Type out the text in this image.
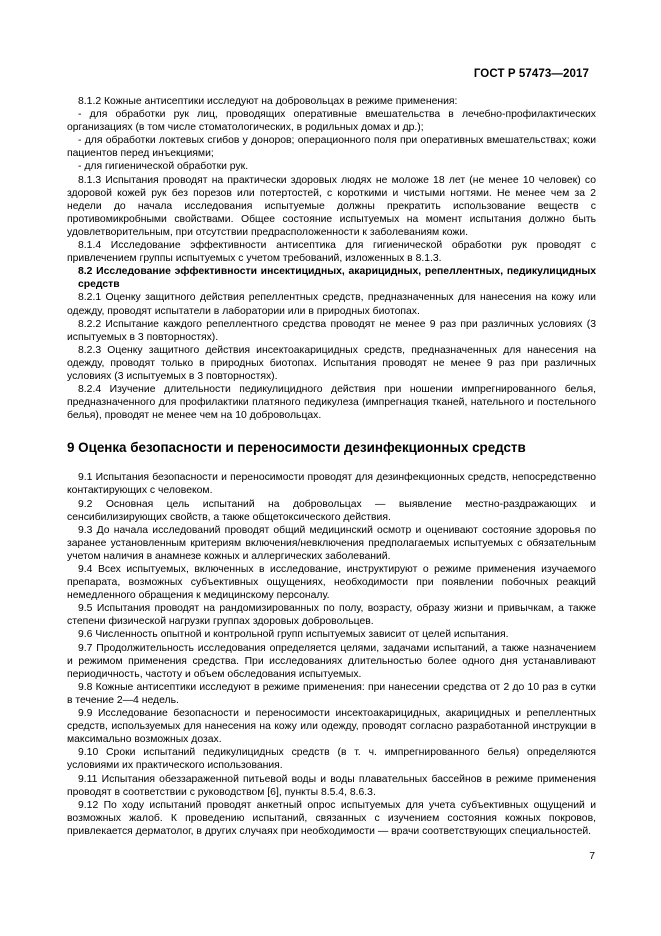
ГОСТ Р 57473—2017

8.1.2 Кожные антисептики исследуют на добровольцах в режиме применения:

- для обработки рук лиц, проводящих оперативные вмешательства в лечебно-профилактических организациях (в том числе стоматологических, в родильных домах и др.);

- для обработки локтевых сгибов у доноров; операционного поля при оперативных вмешательствах; кожи пациентов перед инъекциями;

- для гигиенической обработки рук.

8.1.3 Испытания проводят на практически здоровых людях не моложе 18 лет (не менее 10 человек) со здоровой кожей рук без порезов или потертостей, с короткими и чистыми ногтями. Не менее чем за 2 недели до начала исследования испытуемые должны прекратить использование веществ с противомикробными свойствами. Общее состояние испытуемых на момент испытания должно быть удовлетворительным, при отсутствии предрасположенности к заболеваниям кожи.

8.1.4 Исследование эффективности антисептика для гигиенической обработки рук проводят с привлечением группы испытуемых с учетом требований, изложенных в 8.1.3.

8.2 Исследование эффективности инсектицидных, акарицидных, репеллентных, педикулицидных средств

8.2.1 Оценку защитного действия репеллентных средств, предназначенных для нанесения на кожу или одежду, проводят испытатели в лаборатории или в природных биотопах.

8.2.2 Испытание каждого репеллентного средства проводят не менее 9 раз при различных условиях (3 испытуемых в 3 повторностях).

8.2.3 Оценку защитного действия инсектоакарицидных средств, предназначенных для нанесения на одежду, проводят только в природных биотопах. Испытания проводят не менее 9 раз при различных условиях (3 испытуемых в 3 повторностях).

8.2.4 Изучение длительности педикулицидного действия при ношении импрегнированного белья, предназначенного для профилактики платяного педикулеза (импрегнация тканей, нательного и постельного белья), проводят не менее чем на 10 добровольцах.

9 Оценка безопасности и переносимости дезинфекционных средств

9.1 Испытания безопасности и переносимости проводят для дезинфекционных средств, непосредственно контактирующих с человеком.

9.2 Основная цель испытаний на добровольцах — выявление местно-раздражающих и сенсибилизирующих свойств, а также общетоксического действия.

9.3 До начала исследований проводят общий медицинский осмотр и оценивают состояние здоровья по заранее установленным критериям включения/невключения предполагаемых испытуемых с обязательным учетом наличия в анамнезе кожных и аллергических заболеваний.

9.4 Всех испытуемых, включенных в исследование, инструктируют о режиме применения изучаемого препарата, возможных субъективных ощущениях, необходимости при появлении побочных реакций немедленного обращения к медицинскому персоналу.

9.5 Испытания проводят на рандомизированных по полу, возрасту, образу жизни и привычкам, а также степени физической нагрузки группах здоровых добровольцев.

9.6 Численность опытной и контрольной групп испытуемых зависит от целей испытания.

9.7 Продолжительность исследования определяется целями, задачами испытаний, а также назначением и режимом применения средства. При исследованиях длительностью более одного дня устанавливают периодичность, частоту и объем обследования испытуемых.

9.8 Кожные антисептики исследуют в режиме применения: при нанесении средства от 2 до 10 раз в сутки в течение 2—4 недель.

9.9 Исследование безопасности и переносимости инсектоакарицидных, акарицидных и репеллентных средств, используемых для нанесения на кожу или одежду, проводят согласно разработанной инструкции в максимально возможных дозах.

9.10 Сроки испытаний педикулицидных средств (в т. ч. импрегнированного белья) определяются условиями их практического использования.

9.11 Испытания обеззараженной питьевой воды и воды плавательных бассейнов в режиме применения проводят в соответствии с руководством [6], пункты 8.5.4, 8.6.3.

9.12 По ходу испытаний проводят анкетный опрос испытуемых для учета субъективных ощущений и возможных жалоб. К проведению испытаний, связанных с изучением состояния кожных покровов, привлекается дерматолог, в других случаях при необходимости — врачи соответствующих специальностей.

7
